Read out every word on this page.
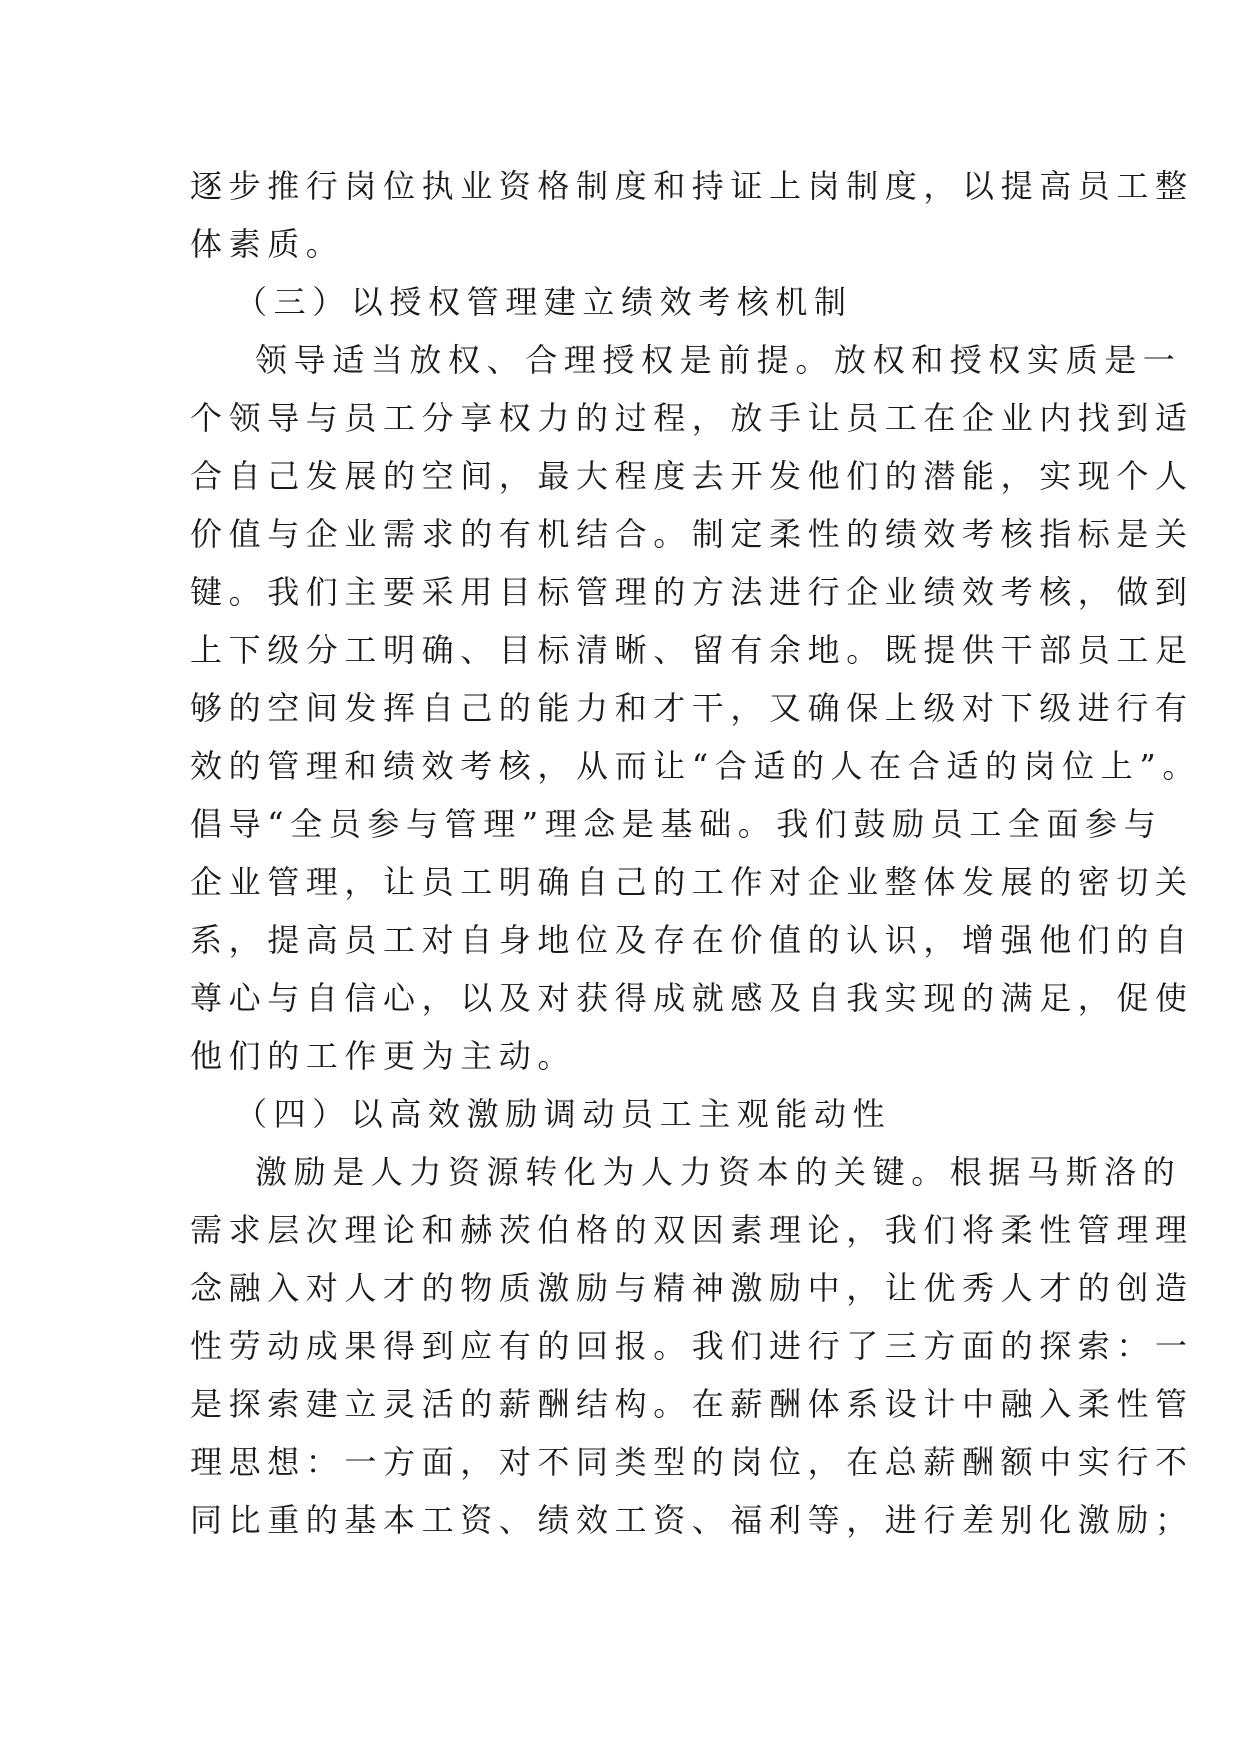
逐步推行岗位执业资格制度和持证上岗制度，以提高员工整
体素质。
（三）以授权管理建立绩效考核机制
领导适当放权、合理授权是前提。放权和授权实质是一
个领导与员工分享权力的过程，放手让员工在企业内找到适
合自己发展的空间，最大程度去开发他们的潜能，实现个人
价值与企业需求的有机结合。制定柔性的绩效考核指标是关
键。我们主要采用目标管理的方法进行企业绩效考核，做到
上下级分工明确、目标清晰、留有余地。既提供干部员工足
够的空间发挥自己的能力和才干，又确保上级对下级进行有
效的管理和绩效考核，从而让“合适的人在合适的岗位上”。
倡导“全员参与管理”理念是基础。我们鼓励员工全面参与
企业管理，让员工明确自己的工作对企业整体发展的密切关
系，提高员工对自身地位及存在价值的认识，增强他们的自
尊心与自信心，以及对获得成就感及自我实现的满足，促使
他们的工作更为主动。
（四）以高效激励调动员工主观能动性
激励是人力资源转化为人力资本的关键。根据马斯洛的
需求层次理论和赫茨伯格的双因素理论，我们将柔性管理理
念融入对人才的物质激励与精神激励中，让优秀人才的创造
性劳动成果得到应有的回报。我们进行了三方面的探索：一
是探索建立灵活的薪酬结构。在薪酬体系设计中融入柔性管
理思想：一方面，对不同类型的岗位，在总薪酬额中实行不
同比重的基本工资、绩效工资、福利等，进行差别化激励；
